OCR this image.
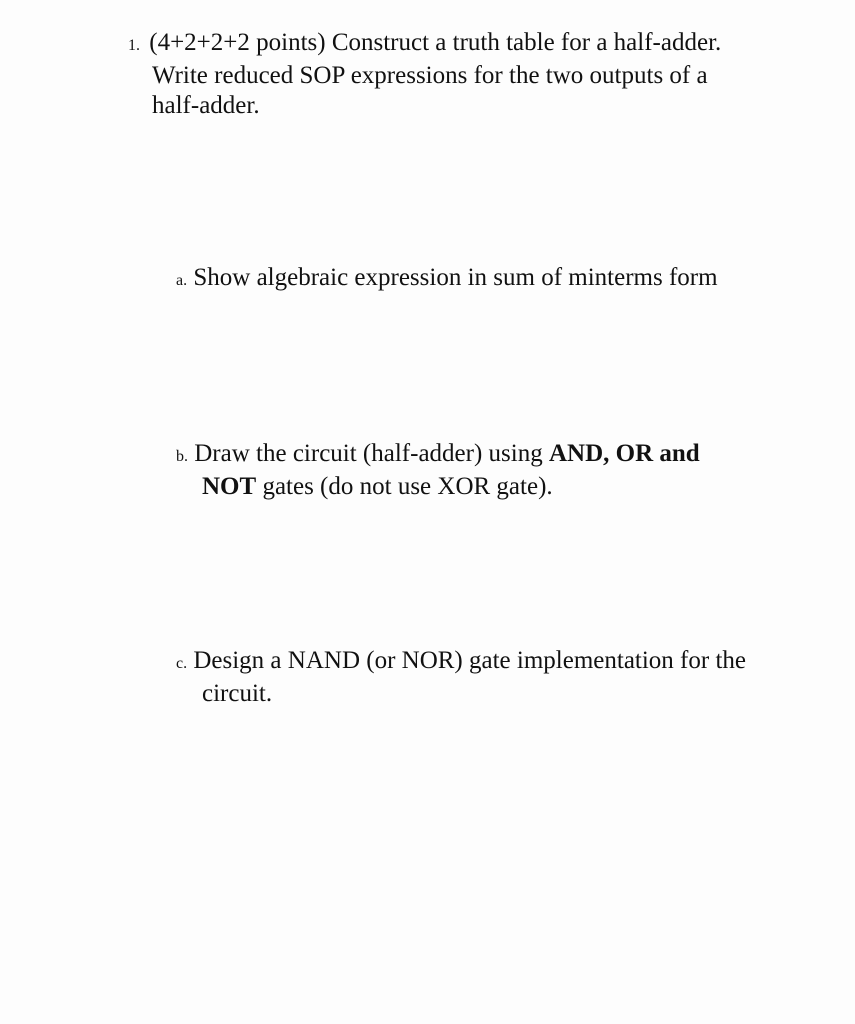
1. (4+2+2+2 points) Construct a truth table for a half-adder.
Write reduced SOP expressions for the two outputs of a
half-adder.
a. Show algebraic expression in sum of minterms form
b. Draw the circuit (half-adder) using AND, OR and
NOT gates (do not use XOR gate).
c. Design a NAND (or NOR) gate implementation for the
circuit.
